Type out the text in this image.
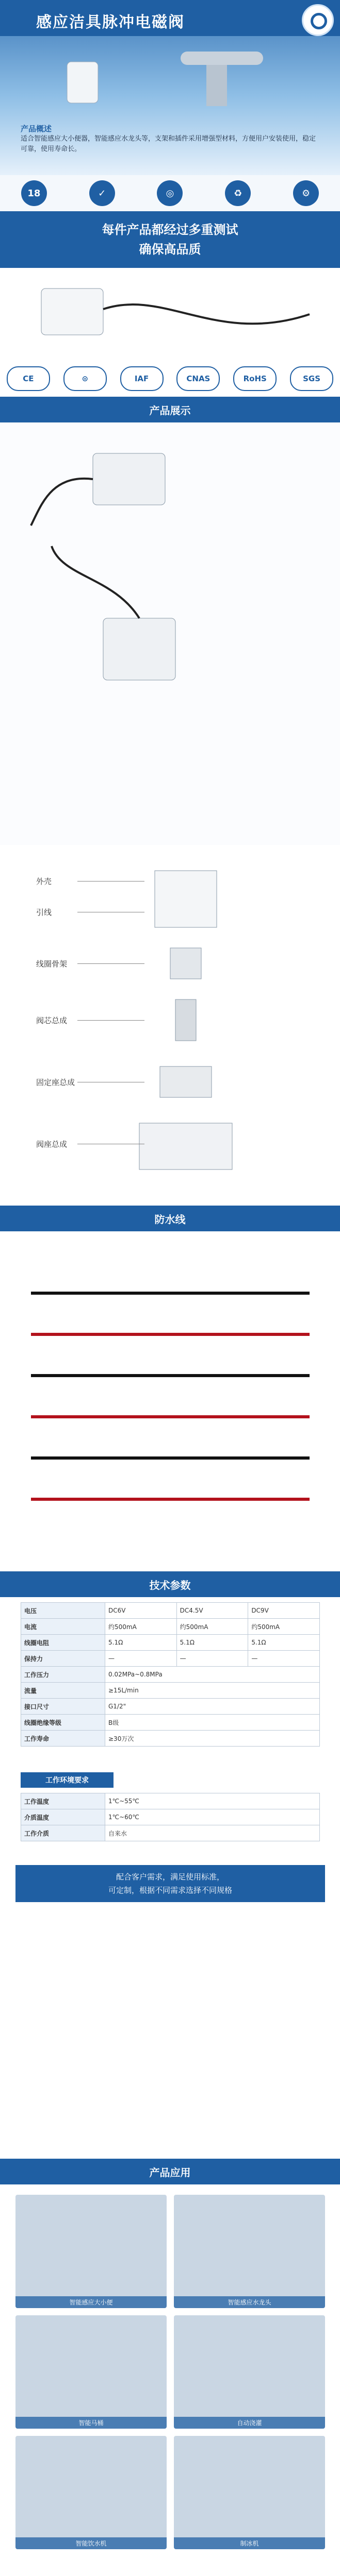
感应洁具脉冲电磁阀
产品概述
适合智能感应大小便器，智能感应水龙头等，支架和插件采用增强型材料，方便用户安装使用，稳定可靠，使用寿命长。
18	✓	◎	♻	⚙
每件产品都经过多重测试
确保高品质
CE	⊙	IAF	CNAS	RoHS	SGS
产品展示
外壳
引线
线圈骨架
阀芯总成
固定座总成
阀座总成
防水线
技术参数
电压	DC6V	DC4.5V	DC9V
电流	约500mA	约500mA	约500mA
线圈电阻	5.1Ω	5.1Ω	5.1Ω
保持力	—	—	—
工作压力	0.02MPa~0.8MPa		
流量	≥15L/min		
接口尺寸	G1/2"		
线圈绝缘等级	B级		
工作寿命	≥30万次		
工作环境要求
工作温度	1℃~55℃
介质温度	1℃~60℃
工作介质	自来水
配合客户需求，满足使用标准，
可定制，根据不同需求选择不同规格
产品应用
智能感应大小便	智能感应水龙头
智能马桶	自动浇灌
智能饮水机	制冰机
